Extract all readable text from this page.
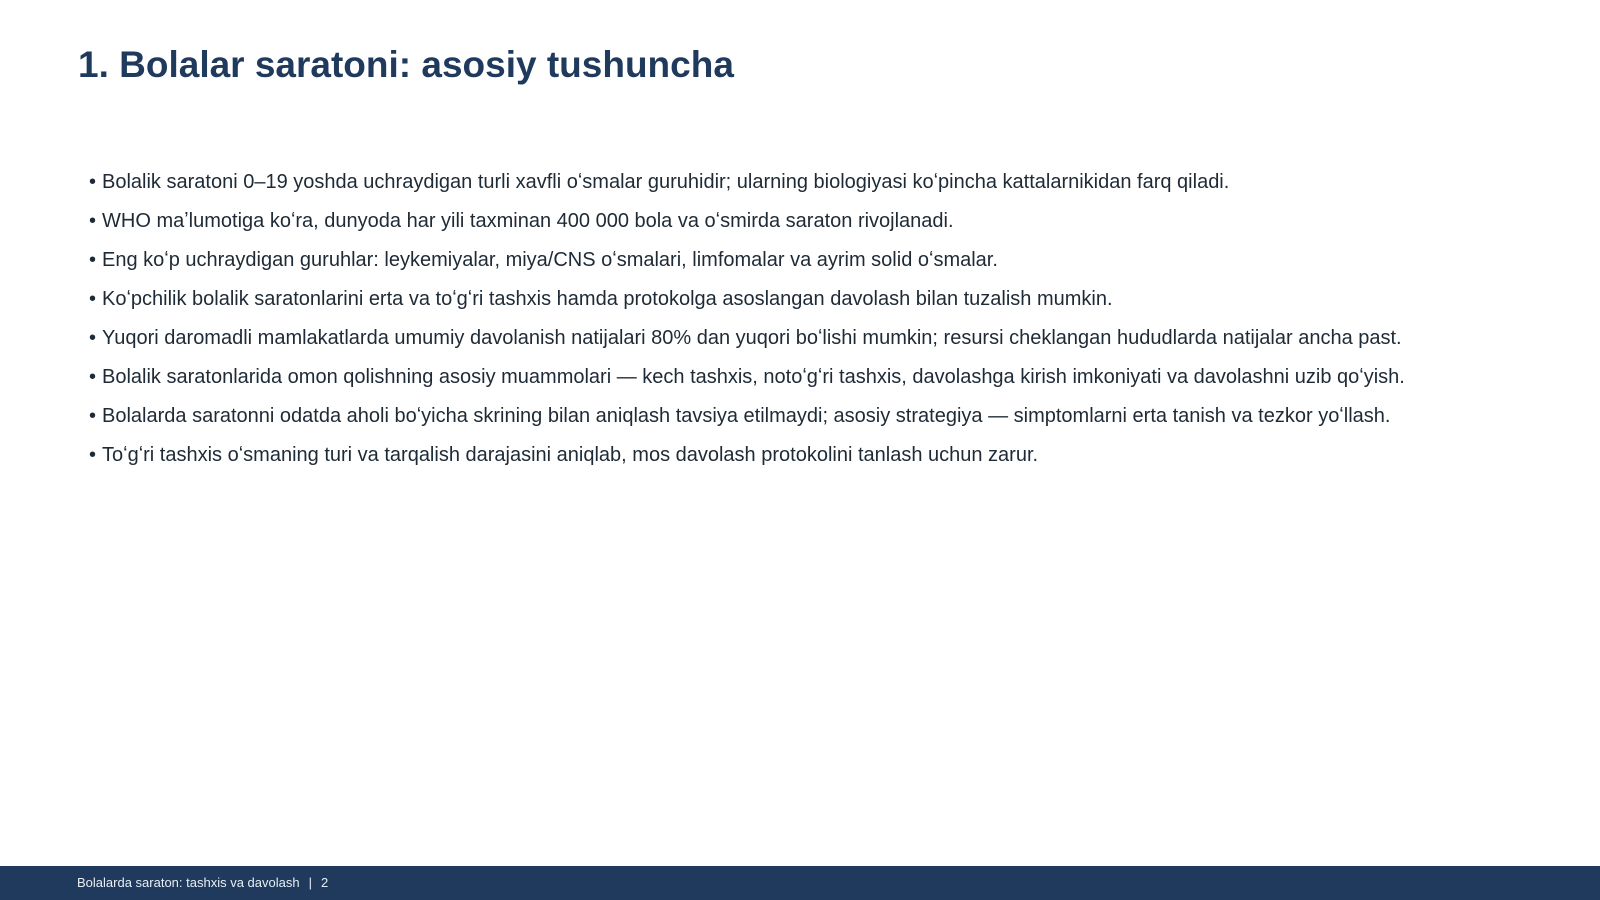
1. Bolalar saratoni: asosiy tushuncha
• Bolalik saratoni 0–19 yoshda uchraydigan turli xavfli oʻsmalar guruhidir; ularning biologiyasi koʻpincha kattalarnikidan farq qiladi.
• WHO maʼlumotiga koʻra, dunyoda har yili taxminan 400 000 bola va oʻsmirda saraton rivojlanadi.
• Eng koʻp uchraydigan guruhlar: leykemiyalar, miya/CNS oʻsmalari, limfomalar va ayrim solid oʻsmalar.
• Koʻpchilik bolalik saratonlarini erta va toʻgʻri tashxis hamda protokolga asoslangan davolash bilan tuzalish mumkin.
• Yuqori daromadli mamlakatlarda umumiy davolanish natijalari 80% dan yuqori boʻlishi mumkin; resursi cheklangan hududlarda natijalar ancha past.
• Bolalik saratonlarida omon qolishning asosiy muammolari — kech tashxis, notoʻgʻri tashxis, davolashga kirish imkoniyati va davolashni uzib qoʻyish.
• Bolalarda saratonni odatda aholi boʻyicha skrining bilan aniqlash tavsiya etilmaydi; asosiy strategiya — simptomlarni erta tanish va tezkor yoʻllash.
• Toʻgʻri tashxis oʻsmaning turi va tarqalish darajasini aniqlab, mos davolash protokolini tanlash uchun zarur.
Bolalarda saraton: tashxis va davolash | 2
